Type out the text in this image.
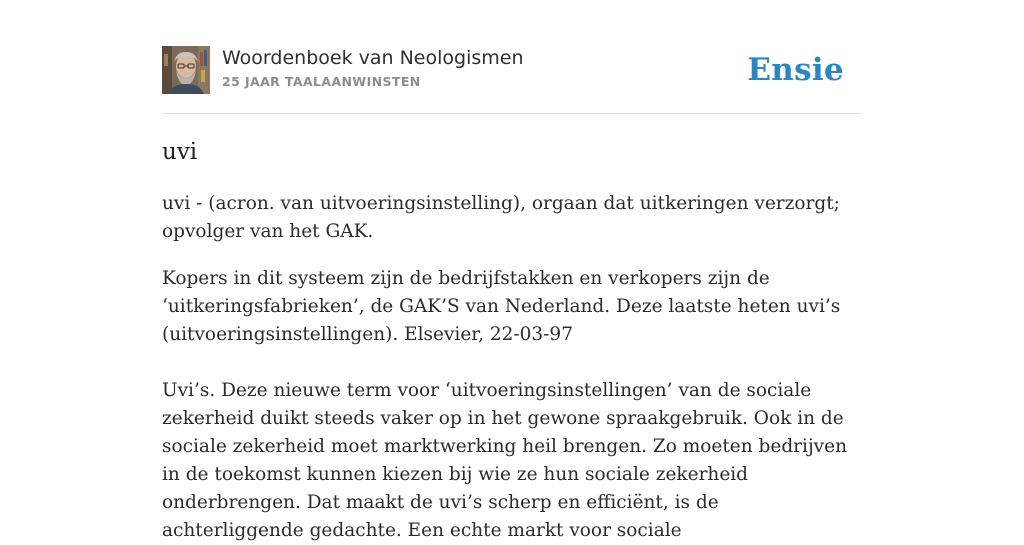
Woordenboek van Neologismen
25 JAAR TAALAANWINSTEN	Ensie
uvi

uvi - (acron. van uitvoeringsinstelling), orgaan dat uitkeringen verzorgt; opvolger van het GAK.

Kopers in dit systeem zijn de bedrijfstakken en verkopers zijn de ‘uitkeringsfabrieken’, de GAK’S van Nederland. Deze laatste heten uvi’s (uitvoeringsinstellingen). Elsevier, 22-03-97

Uvi’s. Deze nieuwe term voor ‘uitvoeringsinstellingen’ van de sociale zekerheid duikt steeds vaker op in het gewone spraakgebruik. Ook in de sociale zekerheid moet marktwerking heil brengen. Zo moeten bedrijven in de toekomst kunnen kiezen bij wie ze hun sociale zekerheid onderbrengen. Dat maakt de uvi’s scherp en efficiënt, is de achterliggende gedachte. Een echte markt voor sociale
